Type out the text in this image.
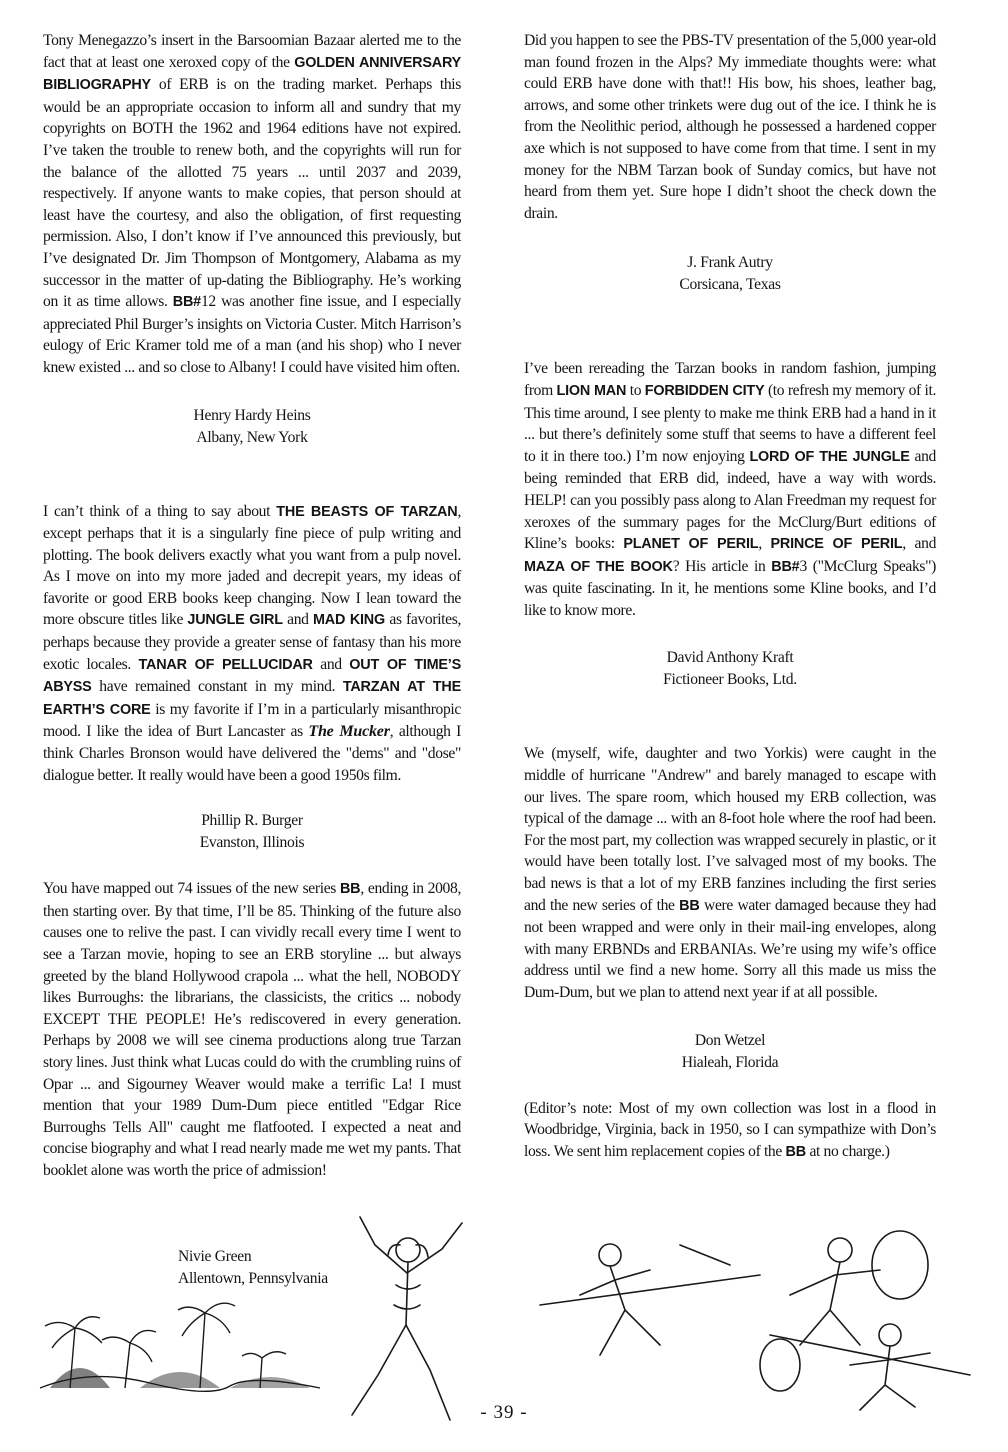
Tony Menegazzo’s insert in the Barsoomian Bazaar alerted me to the fact that at least one xeroxed copy of the GOLDEN ANNIVERSARY BIBLIOGRAPHY of ERB is on the trading market. Perhaps this would be an appropriate occasion to inform all and sundry that my copyrights on BOTH the 1962 and 1964 editions have not expired. I’ve taken the trouble to renew both, and the copyrights will run for the balance of the allotted 75 years ... until 2037 and 2039, respectively. If anyone wants to make copies, that person should at least have the courtesy, and also the obligation, of first requesting permission. Also, I don’t know if I’ve announced this previously, but I’ve designated Dr. Jim Thompson of Montgomery, Alabama as my successor in the matter of up-dating the Bibliography. He’s working on it as time allows. BB#12 was another fine issue, and I especially appreciated Phil Burger’s insights on Victoria Custer. Mitch Harrison’s eulogy of Eric Kramer told me of a man (and his shop) who I never knew existed ... and so close to Albany! I could have visited him often.

Henry Hardy Heins
Albany, New York

I can’t think of a thing to say about THE BEASTS OF TARZAN, except perhaps that it is a singularly fine piece of pulp writing and plotting. The book delivers exactly what you want from a pulp novel. As I move on into my more jaded and decrepit years, my ideas of favorite or good ERB books keep changing. Now I lean toward the more obscure titles like JUNGLE GIRL and MAD KING as favorites, perhaps because they provide a greater sense of fantasy than his more exotic locales. TANAR OF PELLUCIDAR and OUT OF TIME’S ABYSS have remained constant in my mind. TARZAN AT THE EARTH’S CORE is my favorite if I’m in a particularly misanthropic mood. I like the idea of Burt Lancaster as The Mucker, although I think Charles Bronson would have delivered the "dems" and "dose" dialogue better. It really would have been a good 1950s film.

Phillip R. Burger
Evanston, Illinois

You have mapped out 74 issues of the new series BB, ending in 2008, then starting over. By that time, I’ll be 85. Thinking of the future also causes one to relive the past. I can vividly recall every time I went to see a Tarzan movie, hoping to see an ERB storyline ... but always greeted by the bland Hollywood crapola ... what the hell, NOBODY likes Burroughs: the librarians, the classicists, the critics ... nobody EXCEPT THE PEOPLE! He’s rediscovered in every generation. Perhaps by 2008 we will see cinema productions along true Tarzan story lines. Just think what Lucas could do with the crumbling ruins of Opar ... and Sigourney Weaver would make a terrific La! I must mention that your 1989 Dum-Dum piece entitled "Edgar Rice Burroughs Tells All" caught me flatfooted. I expected a neat and concise biography and what I read nearly made me wet my pants. That booklet alone was worth the price of admission!

Nivie Green
Allentown, Pennsylvania

Did you happen to see the PBS-TV presentation of the 5,000 year-old man found frozen in the Alps? My immediate thoughts were: what could ERB have done with that!! His bow, his shoes, leather bag, arrows, and some other trinkets were dug out of the ice. I think he is from the Neolithic period, although he possessed a hardened copper axe which is not supposed to have come from that time. I sent in my money for the NBM Tarzan book of Sunday comics, but have not heard from them yet. Sure hope I didn’t shoot the check down the drain.

J. Frank Autry
Corsicana, Texas

I’ve been rereading the Tarzan books in random fashion, jumping from LION MAN to FORBIDDEN CITY (to refresh my memory of it. This time around, I see plenty to make me think ERB had a hand in it ... but there’s definitely some stuff that seems to have a different feel to it in there too.) I’m now enjoying LORD OF THE JUNGLE and being reminded that ERB did, indeed, have a way with words. HELP! can you possibly pass along to Alan Freedman my request for xeroxes of the summary pages for the McClurg/Burt editions of Kline’s books: PLANET OF PERIL, PRINCE OF PERIL, and MAZA OF THE BOOK? His article in BB#3 ("McClurg Speaks") was quite fascinating. In it, he mentions some Kline books, and I’d like to know more.

David Anthony Kraft
Fictioneer Books, Ltd.

We (myself, wife, daughter and two Yorkis) were caught in the middle of hurricane "Andrew" and barely managed to escape with our lives. The spare room, which housed my ERB collection, was typical of the damage ... with an 8-foot hole where the roof had been. For the most part, my collection was wrapped securely in plastic, or it would have been totally lost. I’ve salvaged most of my books. The bad news is that a lot of my ERB fanzines including the first series and the new series of the BB were water damaged because they had not been wrapped and were only in their mail-ing envelopes, along with many ERBNDs and ERBANIAs. We’re using my wife’s office address until we find a new home. Sorry all this made us miss the Dum-Dum, but we plan to attend next year if at all possible.

Don Wetzel
Hialeah, Florida

(Editor’s note: Most of my own collection was lost in a flood in Woodbridge, Virginia, back in 1950, so I can sympathize with Don’s loss. We sent him replacement copies of the BB at no charge.)

- 39 -
